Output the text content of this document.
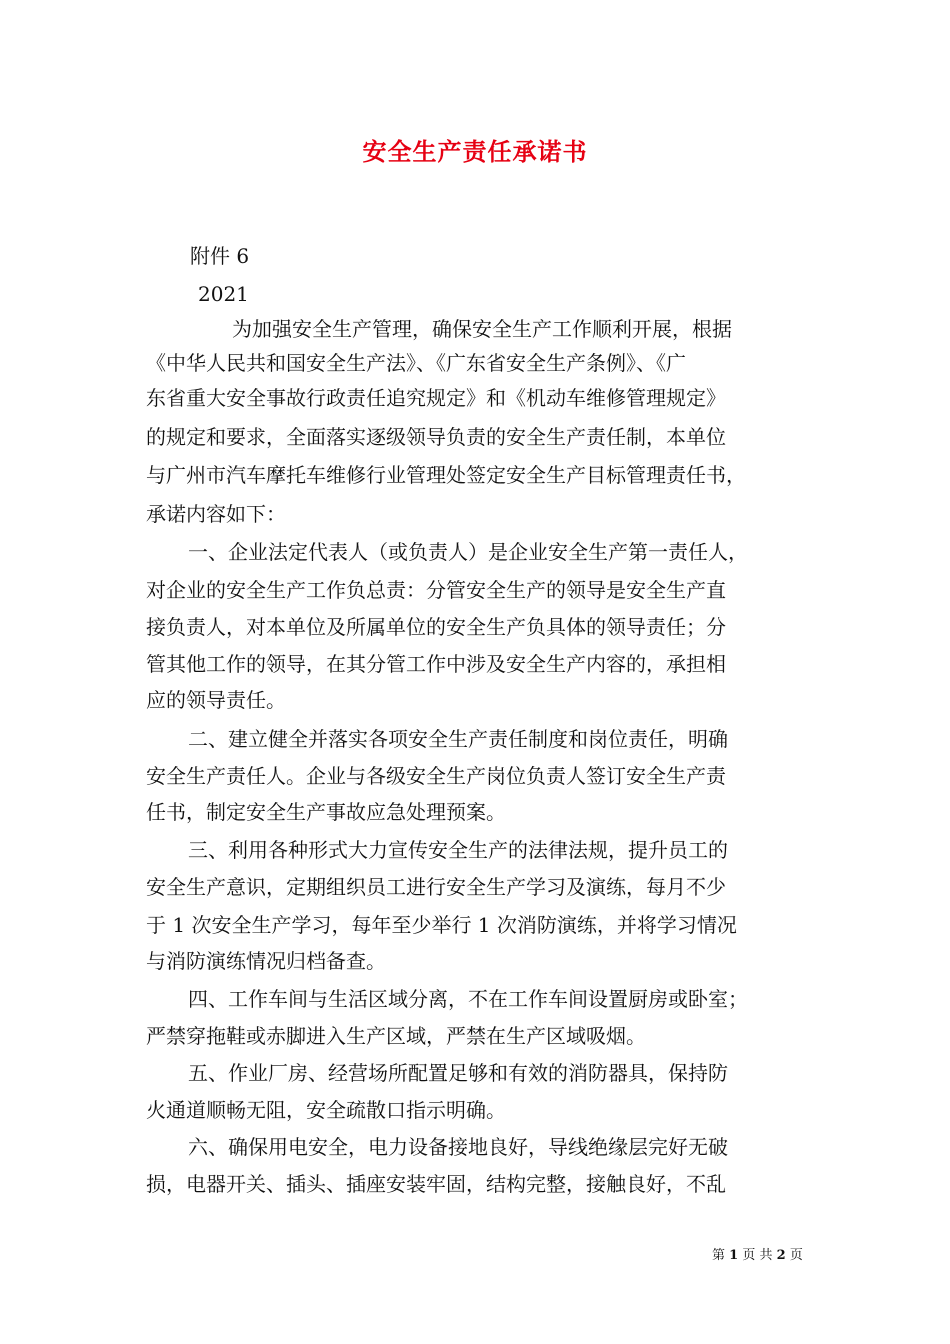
安全生产责任承诺书
附件 6
2021
为加强安全生产管理，确保安全生产工作顺利开展，根据
《中华人民共和国安全生产法》、《广东省安全生产条例》、《广
东省重大安全事故行政责任追究规定》和《机动车维修管理规定》
的规定和要求，全面落实逐级领导负责的安全生产责任制，本单位
与广州市汽车摩托车维修行业管理处签定安全生产目标管理责任书，
承诺内容如下：
一、企业法定代表人（或负责人）是企业安全生产第一责任人，
对企业的安全生产工作负总责：分管安全生产的领导是安全生产直
接负责人，对本单位及所属单位的安全生产负具体的领导责任；分
管其他工作的领导，在其分管工作中涉及安全生产内容的，承担相
应的领导责任。
二、建立健全并落实各项安全生产责任制度和岗位责任，明确
安全生产责任人。企业与各级安全生产岗位负责人签订安全生产责
任书，制定安全生产事故应急处理预案。
三、利用各种形式大力宣传安全生产的法律法规，提升员工的
安全生产意识，定期组织员工进行安全生产学习及演练，每月不少
于 1 次安全生产学习，每年至少举行 1 次消防演练，并将学习情况
与消防演练情况归档备查。
四、工作车间与生活区域分离，不在工作车间设置厨房或卧室；
严禁穿拖鞋或赤脚进入生产区域，严禁在生产区域吸烟。
五、作业厂房、经营场所配置足够和有效的消防器具，保持防
火通道顺畅无阻，安全疏散口指示明确。
六、确保用电安全，电力设备接地良好，导线绝缘层完好无破
损，电器开关、插头、插座安装牢固，结构完整，接触良好，不乱
第 1 页 共 2 页
